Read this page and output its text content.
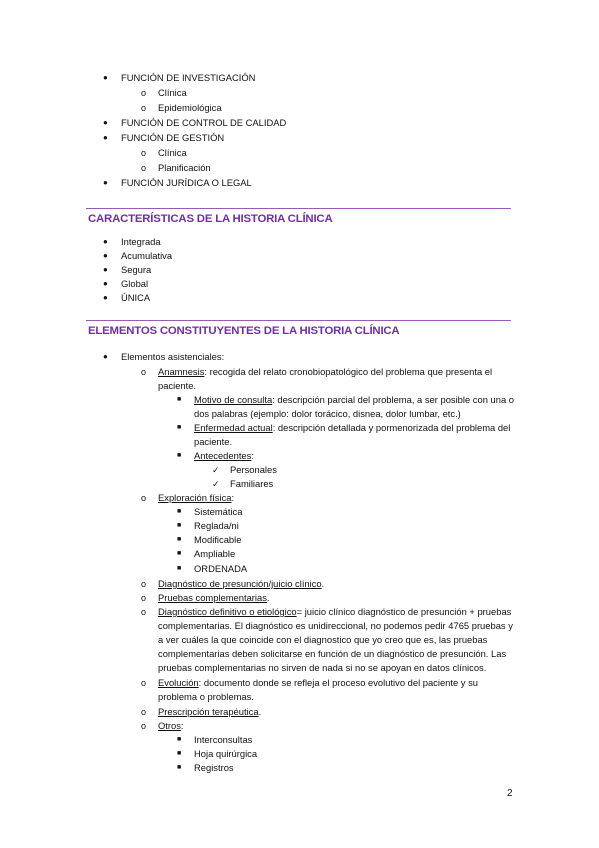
● FUNCIÓN DE INVESTIGACIÓN
o Clínica
o Epidemiológica
● FUNCIÓN DE CONTROL DE CALIDAD
● FUNCIÓN DE GESTIÓN
o Clínica
o Planificación
● FUNCIÓN JURÍDICA O LEGAL
CARACTERÍSTICAS DE LA HISTORIA CLÍNICA
● Integrada
● Acumulativa
● Segura
● Global
● ÚNICA
ELEMENTOS CONSTITUYENTES DE LA HISTORIA CLÍNICA
● Elementos asistenciales:
o Anamnesis: recogida del relato cronobiopatológico del problema que presenta el
paciente.
■ Motivo de consulta: descripción parcial del problema, a ser posible con una o
dos palabras (ejemplo: dolor torácico, disnea, dolor lumbar, etc.)
■ Enfermedad actual: descripción detallada y pormenorizada del problema del
paciente.
■ Antecedentes:
✓ Personales
✓ Familiares
o Exploración física:
■ Sistemática
■ Reglada/ni
■ Modificable
■ Ampliable
■ ORDENADA
o Diagnóstico de presunción/juicio clínico.
o Pruebas complementarias.
o Diagnóstico definitivo o etiológico= juicio clínico diagnóstico de presunción + pruebas
complementarias. El diagnóstico es unidireccional, no podemos pedir 4765 pruebas y
a ver cuáles la que coincide con el diagnostico que yo creo que es, las pruebas
complementarias deben solicitarse en función de un diagnóstico de presunción. Las
pruebas complementarias no sirven de nada si no se apoyan en datos clínicos.
o Evolución: documento donde se refleja el proceso evolutivo del paciente y su
problema o problemas.
o Prescripción terapéutica.
o Otros:
■ Interconsultas
■ Hoja quirúrgica
■ Registros
2
